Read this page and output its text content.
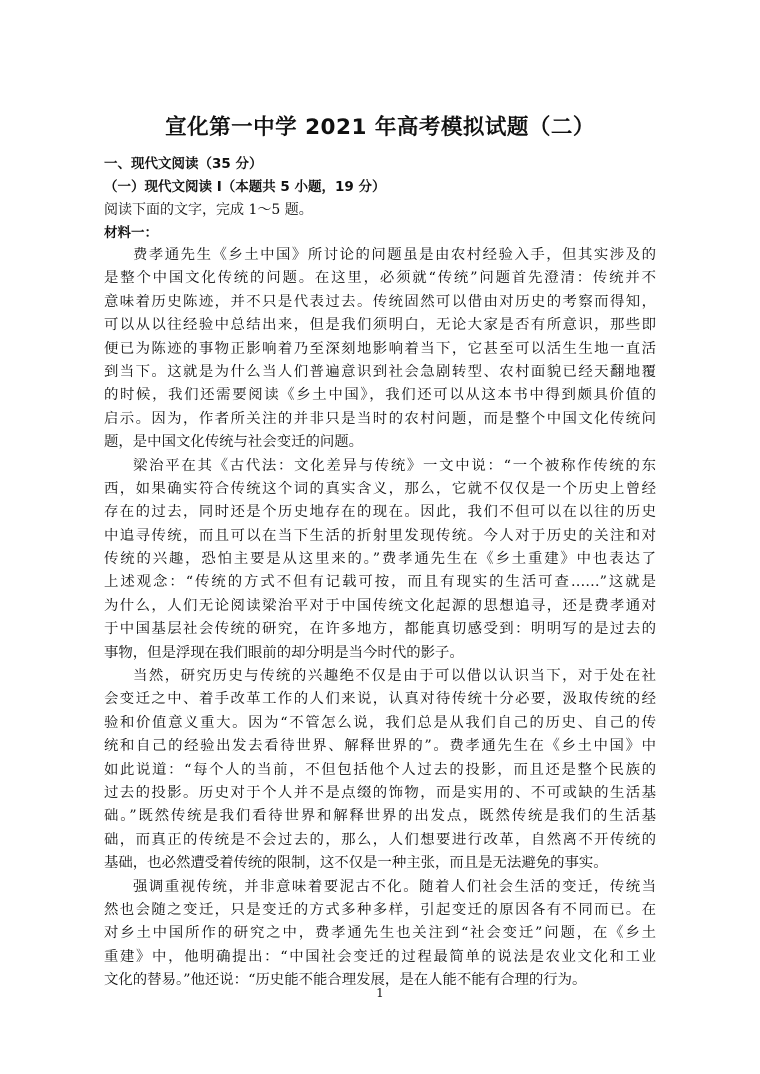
宣化第一中学 2021 年高考模拟试题（二）
一、现代文阅读（35 分）
（一）现代文阅读 I（本题共 5 小题，19 分）
阅读下面的文字，完成 1～5 题。
材料一：
费孝通先生《乡土中国》所讨论的问题虽是由农村经验入手，但其实涉及的
是整个中国文化传统的问题。在这里，必须就“传统”问题首先澄清：传统并不
意味着历史陈迹，并不只是代表过去。传统固然可以借由对历史的考察而得知，
可以从以往经验中总结出来，但是我们须明白，无论大家是否有所意识，那些即
便已为陈迹的事物正影响着乃至深刻地影响着当下，它甚至可以活生生地一直活
到当下。这就是为什么当人们普遍意识到社会急剧转型、农村面貌已经天翻地覆
的时候，我们还需要阅读《乡土中国》，我们还可以从这本书中得到颇具价值的
启示。因为，作者所关注的并非只是当时的农村问题，而是整个中国文化传统问
题，是中国文化传统与社会变迁的问题。
梁治平在其《古代法：文化差异与传统》一文中说：“一个被称作传统的东
西，如果确实符合传统这个词的真实含义，那么，它就不仅仅是一个历史上曾经
存在的过去，同时还是个历史地存在的现在。因此，我们不但可以在以往的历史
中追寻传统，而且可以在当下生活的折射里发现传统。今人对于历史的关注和对
传统的兴趣，恐怕主要是从这里来的。”费孝通先生在《乡土重建》中也表达了
上述观念：“传统的方式不但有记载可按，而且有现实的生活可查……”这就是
为什么，人们无论阅读梁治平对于中国传统文化起源的思想追寻，还是费孝通对
于中国基层社会传统的研究，在许多地方，都能真切感受到：明明写的是过去的
事物，但是浮现在我们眼前的却分明是当今时代的影子。
当然，研究历史与传统的兴趣绝不仅是由于可以借以认识当下，对于处在社
会变迁之中、着手改革工作的人们来说，认真对待传统十分必要，汲取传统的经
验和价值意义重大。因为“不管怎么说，我们总是从我们自己的历史、自己的传
统和自己的经验出发去看待世界、解释世界的”。费孝通先生在《乡土中国》中
如此说道：“每个人的当前，不但包括他个人过去的投影，而且还是整个民族的
过去的投影。历史对于个人并不是点缀的饰物，而是实用的、不可或缺的生活基
础。”既然传统是我们看待世界和解释世界的出发点，既然传统是我们的生活基
础，而真正的传统是不会过去的，那么，人们想要进行改革，自然离不开传统的
基础，也必然遭受着传统的限制，这不仅是一种主张，而且是无法避免的事实。
强调重视传统，并非意味着要泥古不化。随着人们社会生活的变迁，传统当
然也会随之变迁，只是变迁的方式多种多样，引起变迁的原因各有不同而已。在
对乡土中国所作的研究之中，费孝通先生也关注到“社会变迁”问题，在《乡土
重建》中，他明确提出：“中国社会变迁的过程最简单的说法是农业文化和工业
文化的替易。”他还说：“历史能不能合理发展，是在人能不能有合理的行为。
1
